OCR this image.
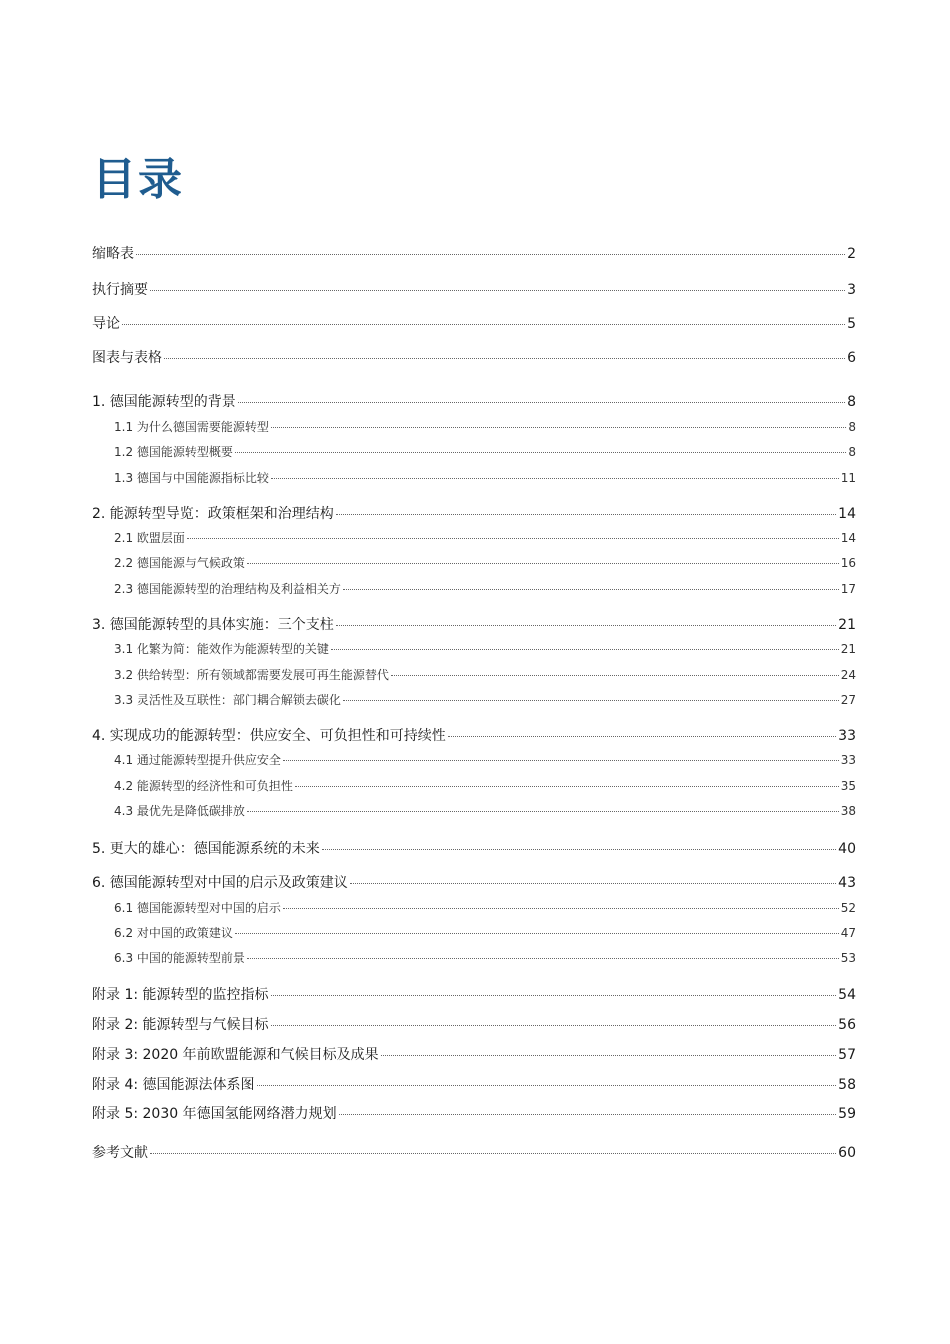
目录
缩略表	2
执行摘要	3
导论	5
图表与表格	6
1. 德国能源转型的背景	8
1.1 为什么德国需要能源转型	8
1.2 德国能源转型概要	8
1.3 德国与中国能源指标比较	11
2. 能源转型导览：政策框架和治理结构	14
2.1 欧盟层面	14
2.2 德国能源与气候政策	16
2.3 德国能源转型的治理结构及利益相关方	17
3. 德国能源转型的具体实施：三个支柱	21
3.1 化繁为简：能效作为能源转型的关键	21
3.2 供给转型：所有领域都需要发展可再生能源替代	24
3.3 灵活性及互联性：部门耦合解锁去碳化	27
4. 实现成功的能源转型：供应安全、可负担性和可持续性	33
4.1 通过能源转型提升供应安全	33
4.2 能源转型的经济性和可负担性	35
4.3 最优先是降低碳排放	38
5. 更大的雄心：德国能源系统的未来	40
6. 德国能源转型对中国的启示及政策建议	43
6.1 德国能源转型对中国的启示	52
6.2 对中国的政策建议	47
6.3 中国的能源转型前景	53
附录 1: 能源转型的监控指标	54
附录 2: 能源转型与气候目标	56
附录 3: 2020 年前欧盟能源和气候目标及成果	57
附录 4: 德国能源法体系图	58
附录 5: 2030 年德国氢能网络潜力规划	59
参考文献	60
